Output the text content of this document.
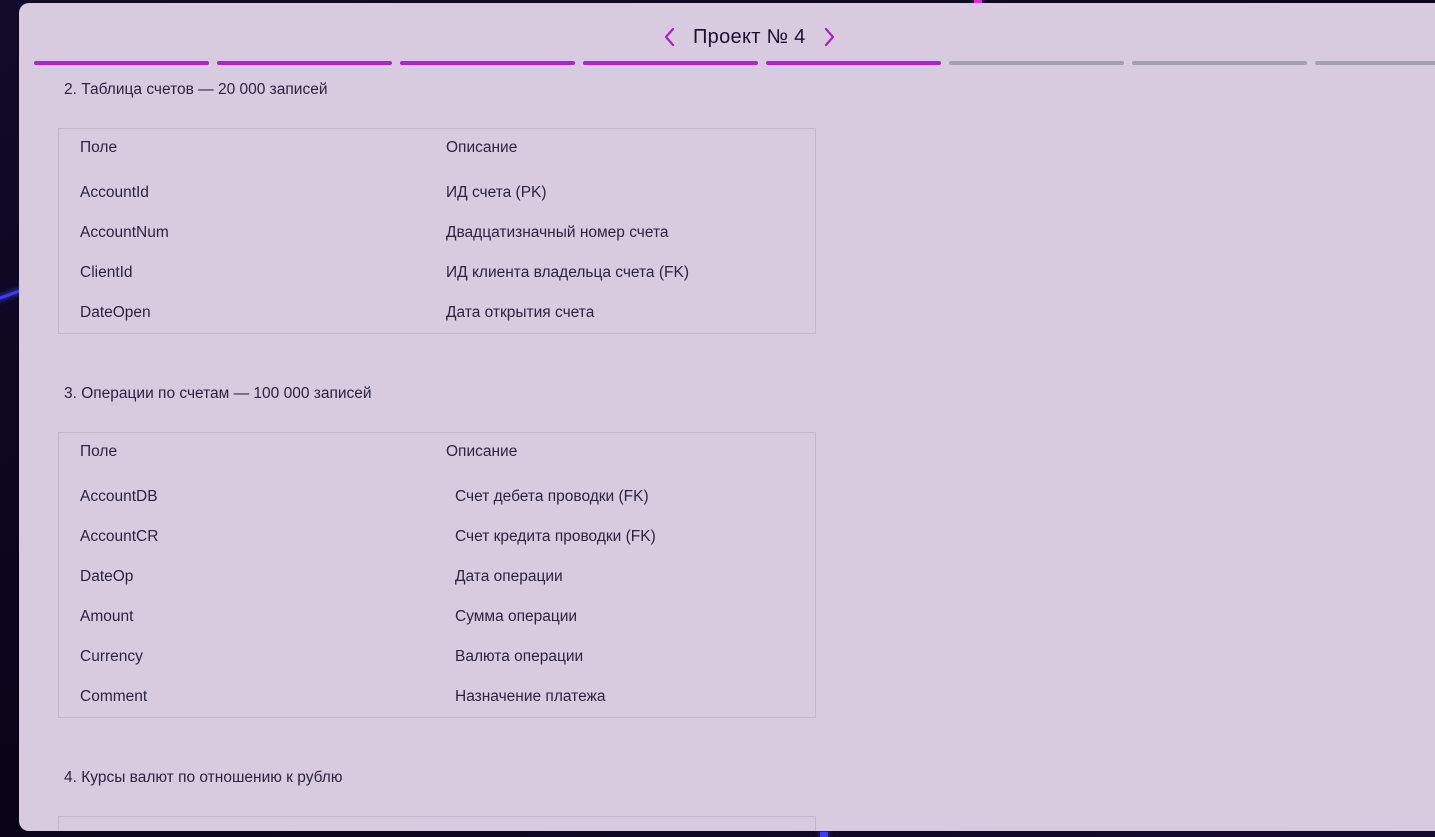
Проект № 4
2. Таблица счетов — 20 000 записей
Поле	Описание
AccountId	ИД счета (PK)
AccountNum	Двадцатизначный номер счета
ClientId	ИД клиента владельца счета (FK)
DateOpen	Дата открытия счета
3. Операции по счетам — 100 000 записей
Поле	Описание
AccountDB	Счет дебета проводки (FK)
AccountCR	Счет кредита проводки (FK)
DateOp	Дата операции
Amount	Сумма операции
Currency	Валюта операции
Comment	Назначение платежа
4. Курсы валют по отношению к рублю
